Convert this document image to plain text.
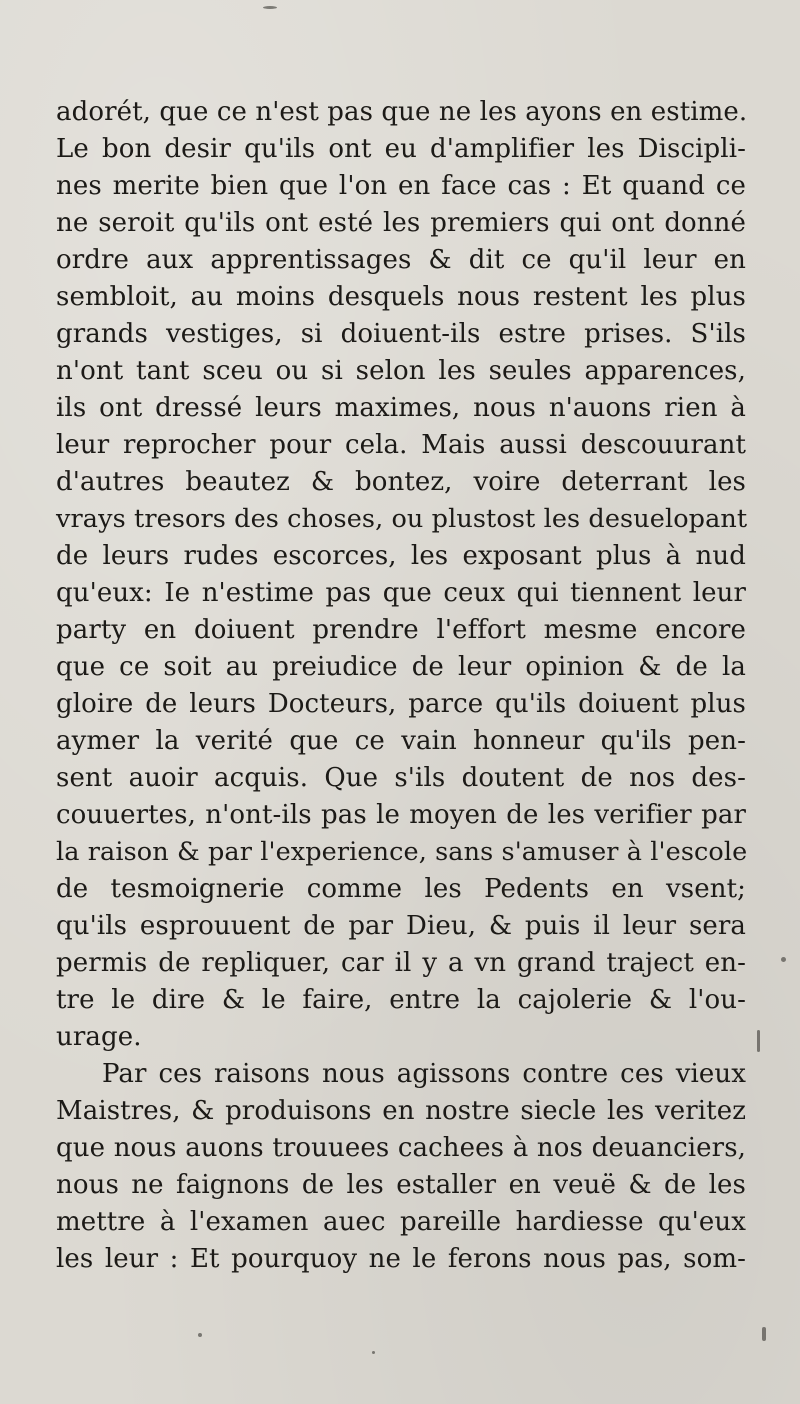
adorét, que ce n'est pas que ne les ayons en estime.
Le bon desir qu'ils ont eu d'amplifier les Discipli-
nes merite bien que l'on en face cas : Et quand ce
ne seroit qu'ils ont esté les premiers qui ont donné
ordre aux apprentissages & dit ce qu'il leur en
sembloit, au moins desquels nous restent les plus
grands vestiges, si doiuent-ils estre prises. S'ils
n'ont tant sceu ou si selon les seules apparences,
ils ont dressé leurs maximes, nous n'auons rien à
leur reprocher pour cela. Mais aussi descouurant
d'autres beautez & bontez, voire deterrant les
vrays tresors des choses, ou plustost les desuelopant
de leurs rudes escorces, les exposant plus à nud
qu'eux: Ie n'estime pas que ceux qui tiennent leur
party en doiuent prendre l'effort mesme encore
que ce soit au preiudice de leur opinion & de la
gloire de leurs Docteurs, parce qu'ils doiuent plus
aymer la verité que ce vain honneur qu'ils pen-
sent auoir acquis. Que s'ils doutent de nos des-
couuertes, n'ont-ils pas le moyen de les verifier par
la raison & par l'experience, sans s'amuser à l'escole
de tesmoignerie comme les Pedents en vsent;
qu'ils esprouuent de par Dieu, & puis il leur sera
permis de repliquer, car il y a vn grand traject en-
tre le dire & le faire, entre la cajolerie & l'ou-
urage.
Par ces raisons nous agissons contre ces vieux
Maistres, & produisons en nostre siecle les veritez
que nous auons trouuees cachees à nos deuanciers,
nous ne faignons de les estaller en veuë & de les
mettre à l'examen auec pareille hardiesse qu'eux
les leur : Et pourquoy ne le ferons nous pas, som-
